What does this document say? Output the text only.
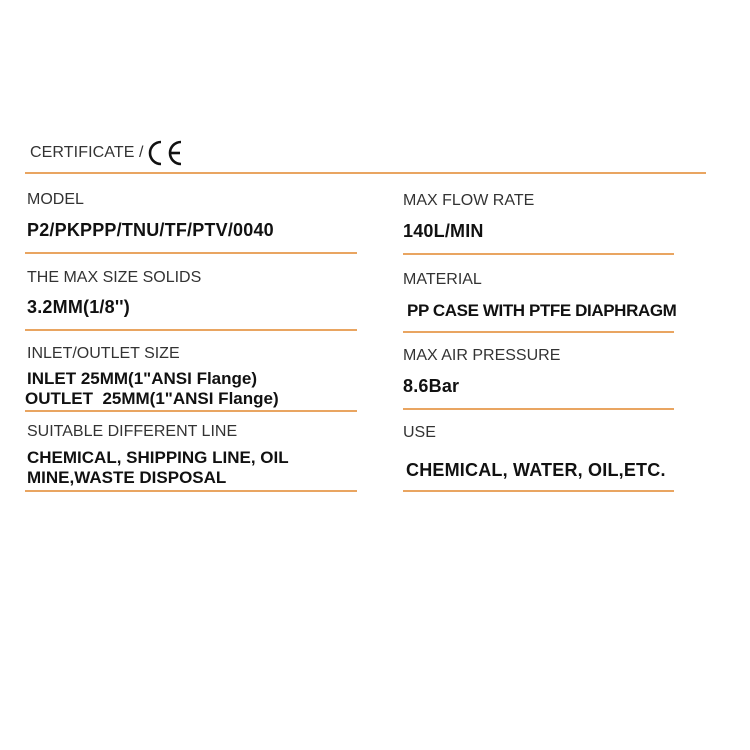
CERTIFICATE /
MODEL
P2/PKPPP/TNU/TF/PTV/0040
THE MAX SIZE SOLIDS
3.2MM(1/8'')
INLET/OUTLET SIZE
INLET 25MM(1"ANSI Flange)
OUTLET  25MM(1"ANSI Flange)
SUITABLE DIFFERENT LINE
CHEMICAL, SHIPPING LINE, OIL
MINE,WASTE DISPOSAL
MAX FLOW RATE
140L/MIN
MATERIAL
PP CASE WITH PTFE DIAPHRAGM
MAX AIR PRESSURE
8.6Bar
USE
CHEMICAL, WATER, OIL,ETC.
